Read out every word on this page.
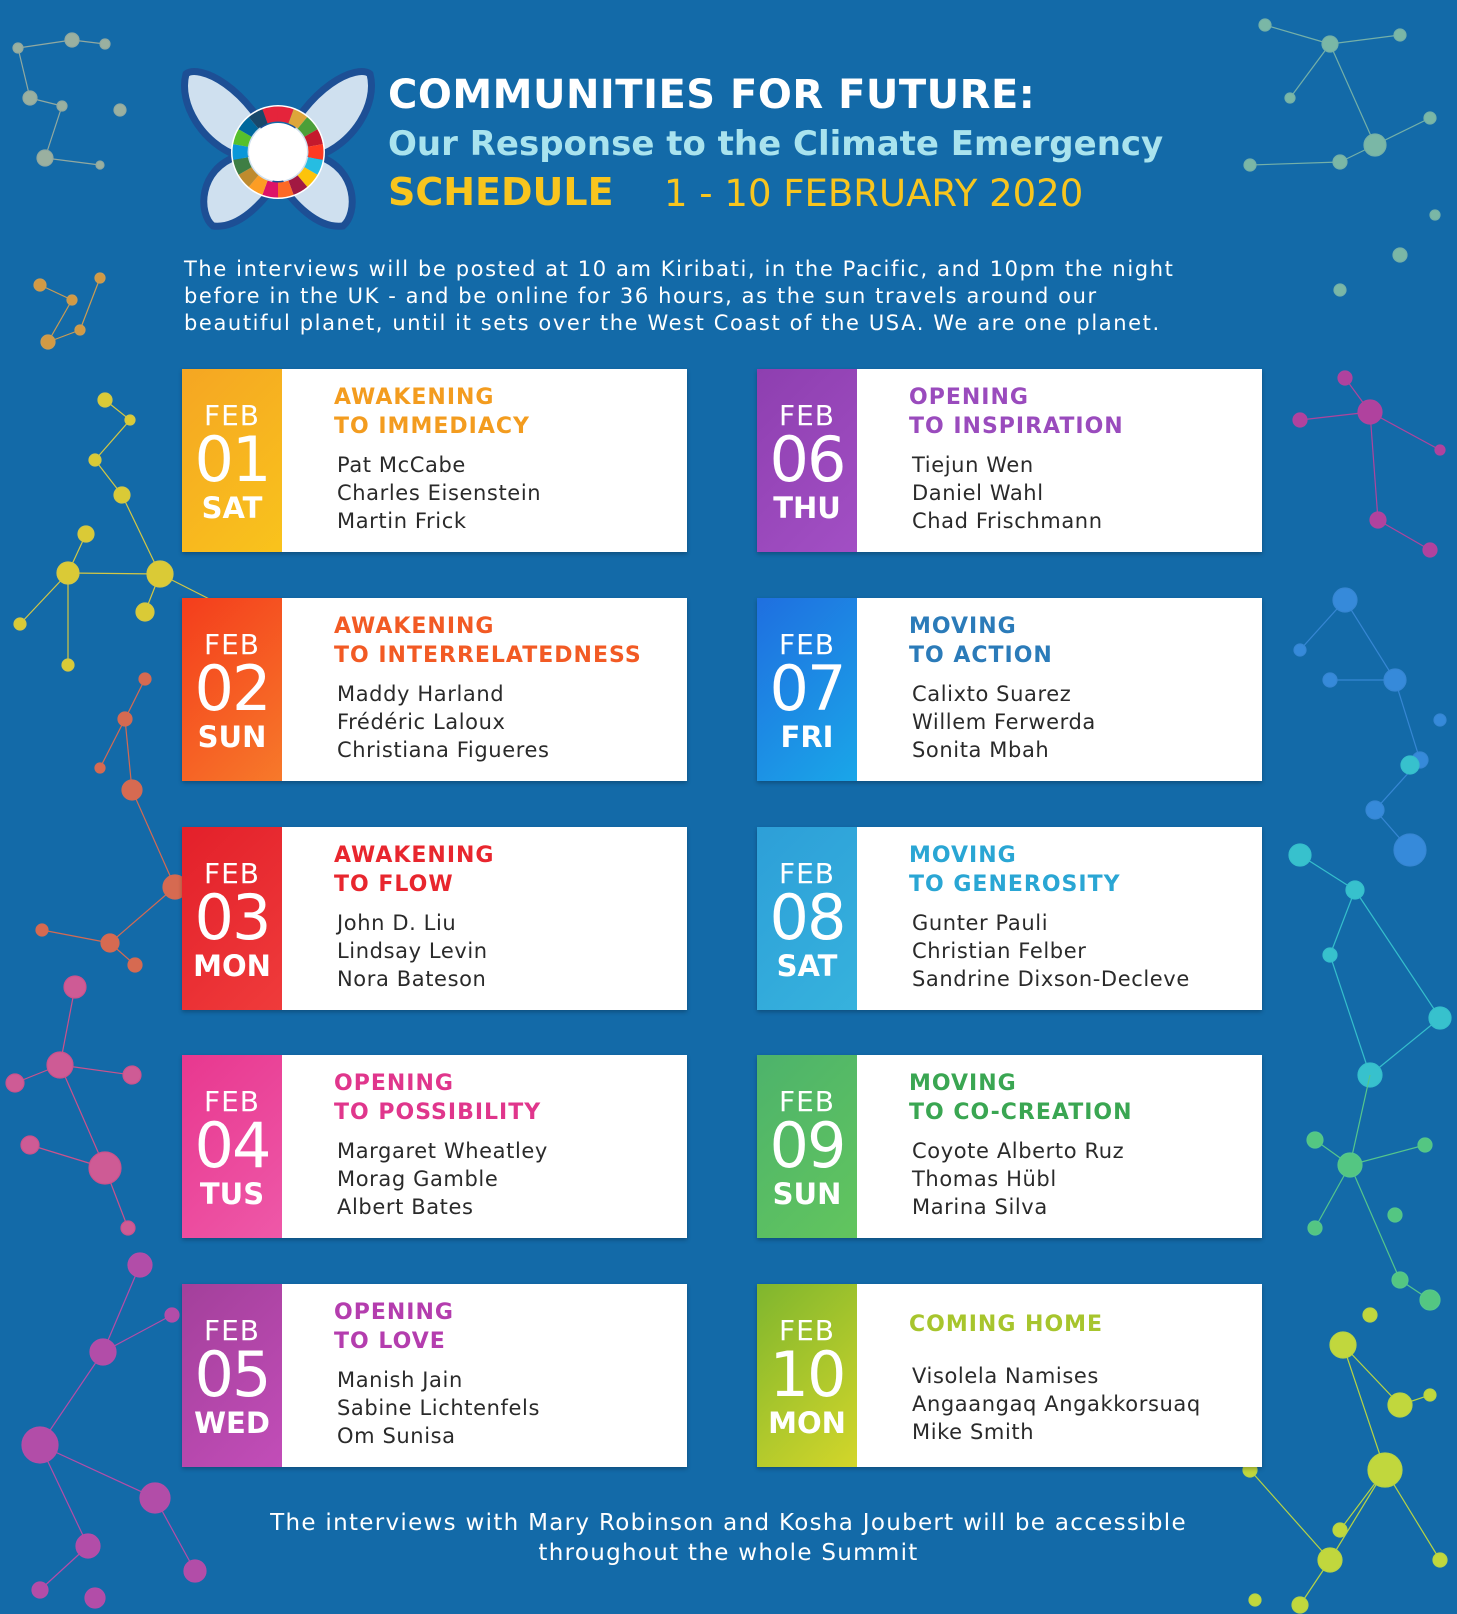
COMMUNITIES FOR FUTURE:
Our Response to the Climate Emergency
SCHEDULE 1 - 10 FEBRUARY 2020
The interviews will be posted at 10 am Kiribati, in the Pacific, and 10pm the night
before in the UK - and be online for 36 hours, as the sun travels around our
beautiful planet, until it sets over the West Coast of the USA. We are one planet.
FEB
01
SAT
AWAKENING
TO IMMEDIACY
Pat McCabe
Charles Eisenstein
Martin Frick
FEB
02
SUN
AWAKENING
TO INTERRELATEDNESS
Maddy Harland
Frédéric Laloux
Christiana Figueres
FEB
03
MON
AWAKENING
TO FLOW
John D. Liu
Lindsay Levin
Nora Bateson
FEB
04
TUS
OPENING
TO POSSIBILITY
Margaret Wheatley
Morag Gamble
Albert Bates
FEB
05
WED
OPENING
TO LOVE
Manish Jain
Sabine Lichtenfels
Om Sunisa
FEB
06
THU
OPENING
TO INSPIRATION
Tiejun Wen
Daniel Wahl
Chad Frischmann
FEB
07
FRI
MOVING
TO ACTION
Calixto Suarez
Willem Ferwerda
Sonita Mbah
FEB
08
SAT
MOVING
TO GENEROSITY
Gunter Pauli
Christian Felber
Sandrine Dixson-Decleve
FEB
09
SUN
MOVING
TO CO-CREATION
Coyote Alberto Ruz
Thomas Hübl
Marina Silva
FEB
10
MON
COMING HOME
Visolela Namises
Angaangaq Angakkorsuaq
Mike Smith
The interviews with Mary Robinson and Kosha Joubert will be accessible
throughout the whole Summit
